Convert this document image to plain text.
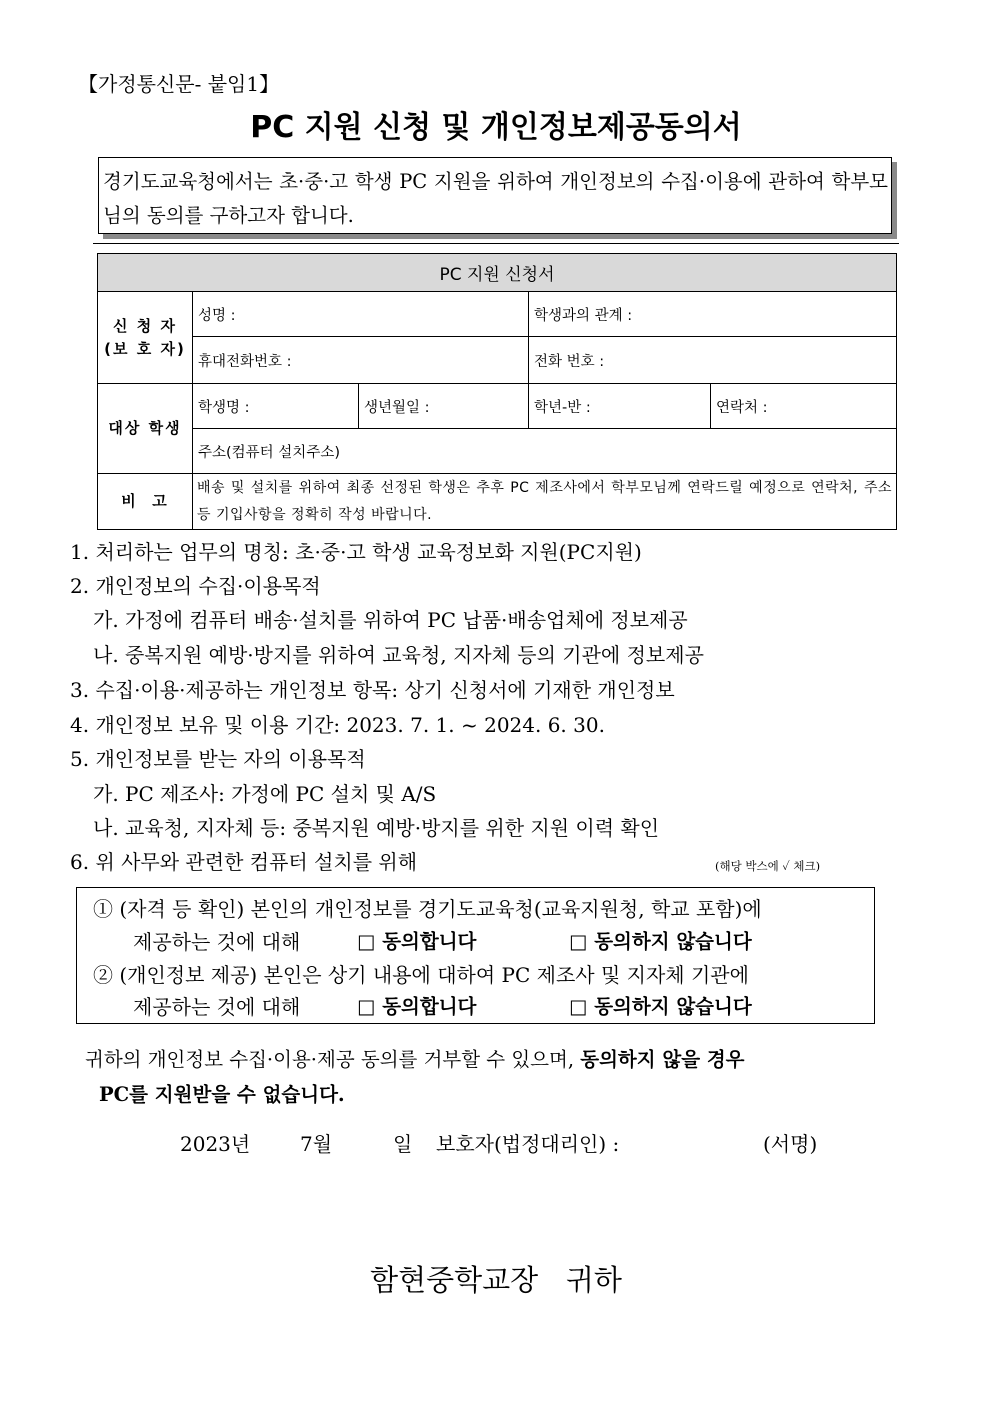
【가정통신문- 붙임1】
PC 지원 신청 및 개인정보제공동의서
경기도교육청에서는 초·중·고 학생 PC 지원을 위하여 개인정보의 수집·이용에 관하여 학부모님의 동의를 구하고자 합니다.
PC 지원 신청서				
신 청 자
(보 호 자)	성명 :		학생과의 관계 :	
	휴대전화번호 :		전화 번호 :	
대상 학생	학생명 :	생년월일 :	학년-반 :	연락처 :
	주소(컴퓨터 설치주소)			
비  고	배송 및 설치를 위하여 최종 선정된 학생은 추후 PC 제조사에서 학부모님께 연락드릴 예정으로 연락처, 주소 등 기입사항을 정확히 작성 바랍니다.			
1. 처리하는 업무의 명칭: 초·중·고 학생 교육정보화 지원(PC지원)
2. 개인정보의 수집·이용목적
가. 가정에 컴퓨터 배송·설치를 위하여 PC 납품·배송업체에 정보제공
나. 중복지원 예방·방지를 위하여 교육청, 지자체 등의 기관에 정보제공
3. 수집·이용·제공하는 개인정보 항목: 상기 신청서에 기재한 개인정보
4. 개인정보 보유 및 이용 기간: 2023. 7. 1. ~ 2024. 6. 30.
5. 개인정보를 받는 자의 이용목적
가. PC 제조사: 가정에 PC 설치 및 A/S
나. 교육청, 지자체 등: 중복지원 예방·방지를 위한 지원 이력 확인
6. 위 사무와 관련한 컴퓨터 설치를 위해	(해당 박스에 ✓ 체크)
① (자격 등 확인) 본인의 개인정보를 경기도교육청(교육지원청, 학교 포함)에
제공하는 것에 대해	□ 동의합니다	□ 동의하지 않습니다
② (개인정보 제공) 본인은 상기 내용에 대하여 PC 제조사 및 지자체 기관에
제공하는 것에 대해	□ 동의합니다	□ 동의하지 않습니다
귀하의 개인정보 수집·이용·제공 동의를 거부할 수 있으며, 동의하지 않을 경우
PC를 지원받을 수 없습니다.
2023년 7월	일 보호자(법정대리인) :	(서명)
함현중학교장   귀하
